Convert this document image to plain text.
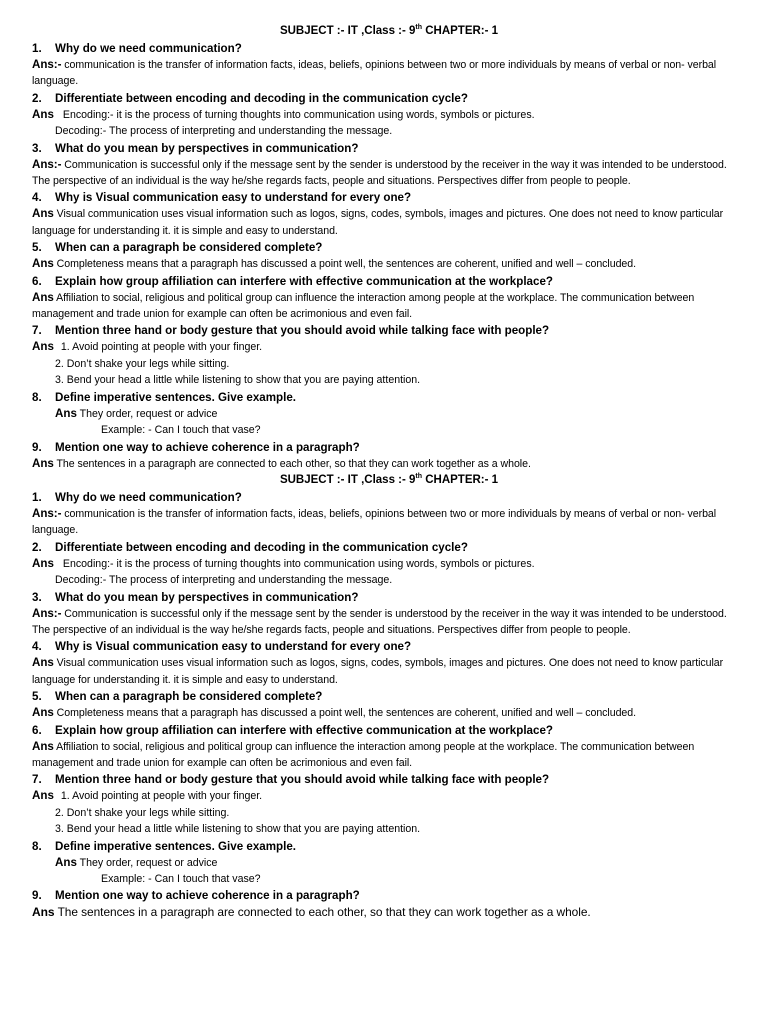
SUBJECT :- IT ,Class :- 9th CHAPTER:- 1
1. Why do we need communication?
Ans:- communication is the transfer of information facts, ideas, beliefs, opinions between two or more individuals by means of verbal or non- verbal language.
2. Differentiate between encoding and decoding in the communication cycle?
Ans Encoding:- it is the process of turning thoughts into communication using words, symbols or pictures.
Decoding:- The process of interpreting and understanding the message.
3. What do you mean by perspectives in communication?
Ans:- Communication is successful only if the message sent by the sender is understood by the receiver in the way it was intended to be understood. The perspective of an individual is the way he/she regards facts, people and situations. Perspectives differ from people to people.
4. Why is Visual communication easy to understand for every one?
Ans Visual communication uses visual information such as logos, signs, codes, symbols, images and pictures. One does not need to know particular language for understanding it. it is simple and easy to understand.
5. When can a paragraph be considered complete?
Ans Completeness means that a paragraph has discussed a point well, the sentences are coherent, unified and well – concluded.
6. Explain how group affiliation can interfere with effective communication at the workplace?
Ans Affiliation to social, religious and political group can influence the interaction among people at the workplace. The communication between management and trade union for example can often be acrimonious and even fail.
7. Mention three hand or body gesture that you should avoid while talking face with people?
Ans 1. Avoid pointing at people with your finger.
2. Don’t shake your legs while sitting.
3. Bend your head a little while listening to show that you are paying attention.
8. Define imperative sentences. Give example.
Ans They order, request or advice
Example: - Can I touch that vase?
9. Mention one way to achieve coherence in a paragraph?
Ans The sentences in a paragraph are connected to each other, so that they can work together as a whole.
SUBJECT :- IT ,Class :- 9th CHAPTER:- 1
1. Why do we need communication?
Ans:- communication is the transfer of information facts, ideas, beliefs, opinions between two or more individuals by means of verbal or non- verbal language.
2. Differentiate between encoding and decoding in the communication cycle?
Ans Encoding:- it is the process of turning thoughts into communication using words, symbols or pictures.
Decoding:- The process of interpreting and understanding the message.
3. What do you mean by perspectives in communication?
Ans:- Communication is successful only if the message sent by the sender is understood by the receiver in the way it was intended to be understood. The perspective of an individual is the way he/she regards facts, people and situations. Perspectives differ from people to people.
4. Why is Visual communication easy to understand for every one?
Ans Visual communication uses visual information such as logos, signs, codes, symbols, images and pictures. One does not need to know particular language for understanding it. it is simple and easy to understand.
5. When can a paragraph be considered complete?
Ans Completeness means that a paragraph has discussed a point well, the sentences are coherent, unified and well – concluded.
6. Explain how group affiliation can interfere with effective communication at the workplace?
Ans Affiliation to social, religious and political group can influence the interaction among people at the workplace. The communication between management and trade union for example can often be acrimonious and even fail.
7. Mention three hand or body gesture that you should avoid while talking face with people?
Ans 1. Avoid pointing at people with your finger.
2. Don’t shake your legs while sitting.
3. Bend your head a little while listening to show that you are paying attention.
8. Define imperative sentences. Give example.
Ans They order, request or advice
Example: - Can I touch that vase?
9. Mention one way to achieve coherence in a paragraph?
Ans The sentences in a paragraph are connected to each other, so that they can work together as a whole.
